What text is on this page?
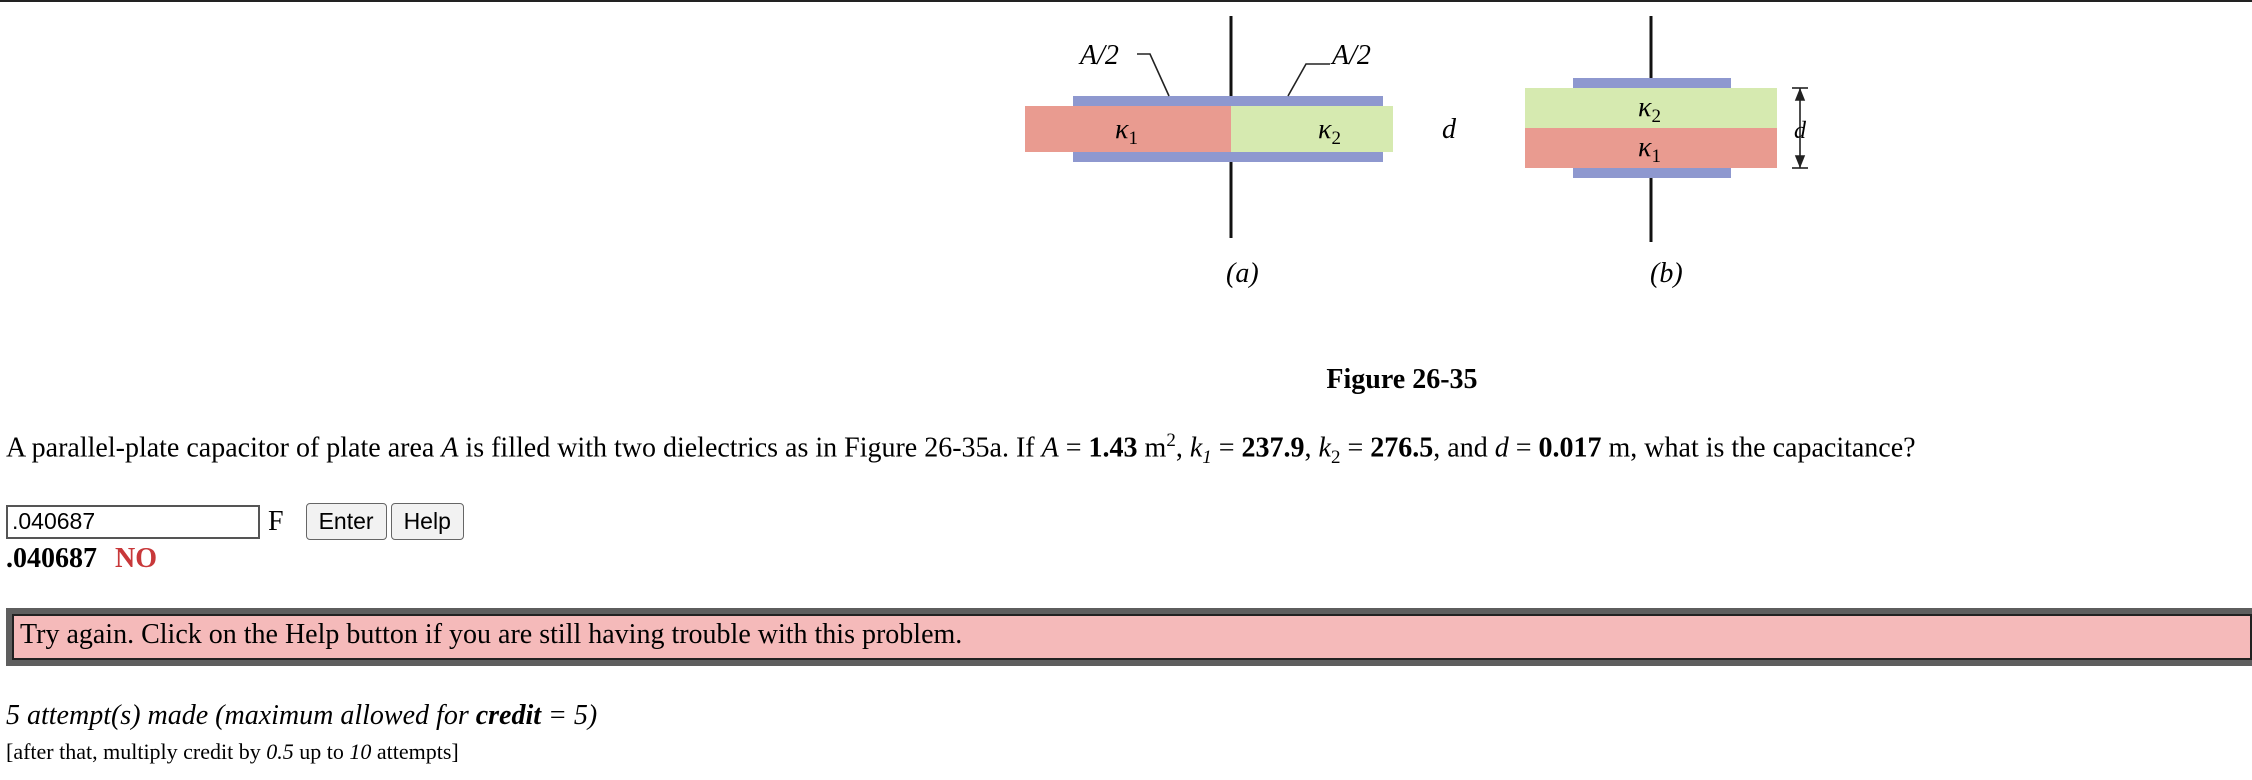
A/2	A/2
$\kappa_1$	$\kappa_2$	d
(a)
$\kappa_2$
$\kappa_1$
d
(b)
Figure 26-35
A parallel-plate capacitor of plate area A is filled with two dielectrics as in Figure 26-35a. If A = 1.43 $m^2$, $k_1 = 237.9$, $k_2 = 276.5$, and d = 0.017 m, what is the capacitance?
.040687
F	Enter	Help
.040687 NO
Try again. Click on the Help button if you are still having trouble with this problem.
5 attempt(s) made (maximum allowed for credit = 5)
[after that, multiply credit by 0.5 up to 10 attempts]
